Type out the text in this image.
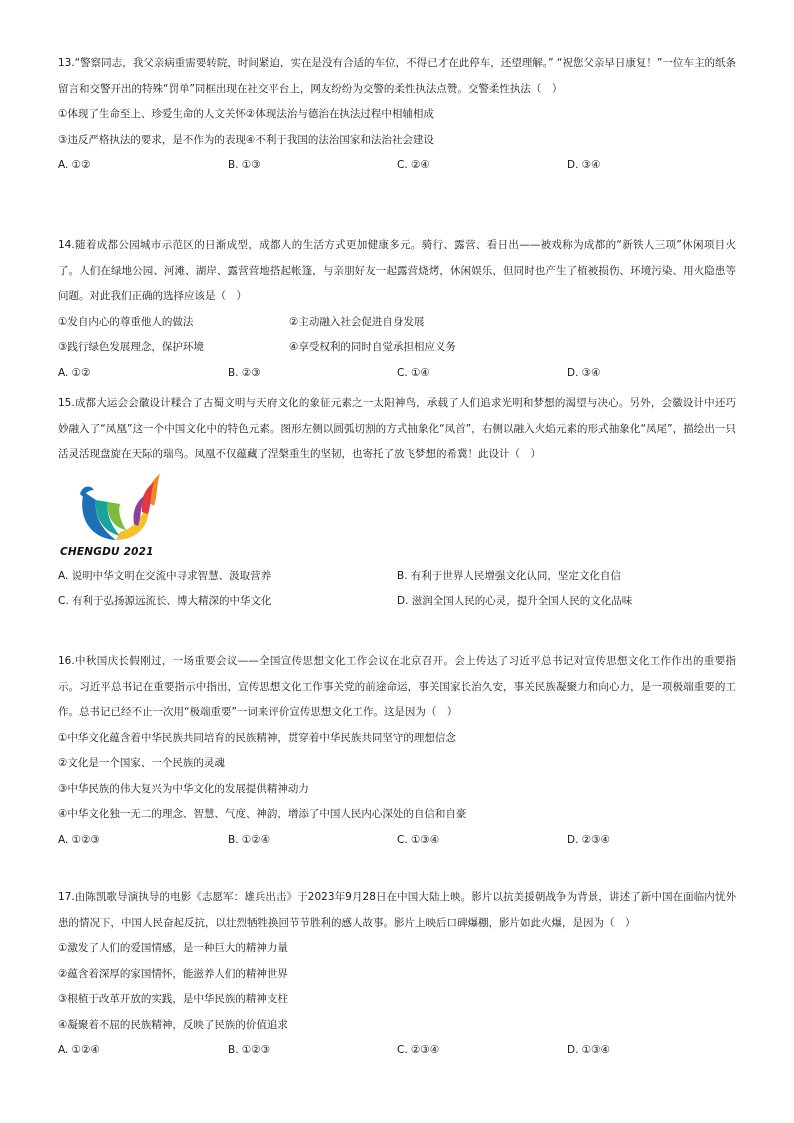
13.“警察同志，我父亲病重需要转院，时间紧迫，实在是没有合适的车位，不得已才在此停车，还望理解。” “祝您父亲早日康复！”一位车主的纸条留言和交警开出的特殊“罚单”同框出现在社交平台上，网友纷纷为交警的柔性执法点赞。交警柔性执法（　）
①体现了生命至上、珍爱生命的人文关怀②体现法治与德治在执法过程中相辅相成
③违反严格执法的要求，是不作为的表现④不利于我国的法治国家和法治社会建设
A. ①②	B. ①③	C. ②④	D. ③④
14.随着成都公园城市示范区的日渐成型，成都人的生活方式更加健康多元。骑行、露营、看日出——被戏称为成都的“新铁人三项”休闲项目火了。人们在绿地公园、河滩、湖岸、露营营地搭起帐篷，与亲朋好友一起露营烧烤，休闲娱乐，但同时也产生了植被损伤、环境污染、用火隐患等问题。对此我们正确的选择应该是（　）
①发自内心的尊重他人的做法	②主动融入社会促进自身发展
③践行绿色发展理念，保护环境	④享受权利的同时自觉承担相应义务
A. ①②	B. ②③	C. ①④	D. ③④
15.成都大运会会徽设计糅合了古蜀文明与天府文化的象征元素之一太阳神鸟，承载了人们追求光明和梦想的渴望与决心。另外，会徽设计中还巧妙融入了“凤凰”这一个中国文化中的特色元素。图形左侧以圆弧切割的方式抽象化“凤首”，右侧以融入火焰元素的形式抽象化“凤尾”，描绘出一只活灵活现盘旋在天际的瑞鸟。凤凰不仅蕴藏了涅槃重生的坚韧，也寄托了放飞梦想的希冀！此设计（　）
CHENGDU 2021
A. 说明中华文明在交流中寻求智慧、汲取营养	B. 有利于世界人民增强文化认同，坚定文化自信
C. 有利于弘扬源远流长、博大精深的中华文化	D. 滋润全国人民的心灵，提升全国人民的文化品味
16.中秋国庆长假刚过，一场重要会议——全国宣传思想文化工作会议在北京召开。会上传达了习近平总书记对宣传思想文化工作作出的重要指示。习近平总书记在重要指示中指出，宣传思想文化工作事关党的前途命运，事关国家长治久安，事关民族凝聚力和向心力，是一项极端重要的工作。总书记已经不止一次用“极端重要”一词来评价宣传思想文化工作。这是因为（　）
①中华文化蕴含着中华民族共同培育的民族精神，贯穿着中华民族共同坚守的理想信念
②文化是一个国家、一个民族的灵魂
③中华民族的伟大复兴为中华文化的发展提供精神动力
④中华文化独一无二的理念、智慧、气度、神韵，增添了中国人民内心深处的自信和自豪
A. ①②③	B. ①②④	C. ①③④	D. ②③④
17.由陈凯歌导演执导的电影《志愿军：雄兵出击》于2023年9月28日在中国大陆上映。影片以抗美援朝战争为背景，讲述了新中国在面临内忧外患的情况下，中国人民奋起反抗，以壮烈牺牲换回节节胜利的感人故事。影片上映后口碑爆棚，影片如此火爆，是因为（　）
①激发了人们的爱国情感，是一种巨大的精神力量
②蕴含着深厚的家国情怀，能滋养人们的精神世界
③根植于改革开放的实践，是中华民族的精神支柱
④凝聚着不屈的民族精神，反映了民族的价值追求
A. ①②④	B. ①②③	C. ②③④	D. ①③④
